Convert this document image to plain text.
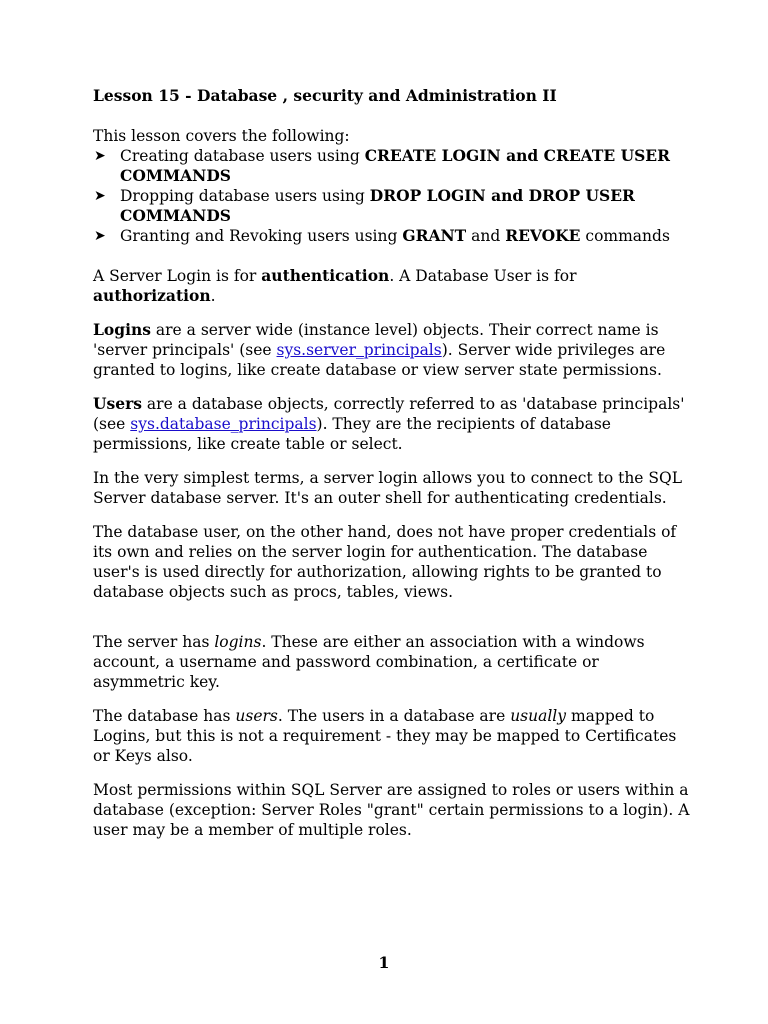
Lesson 15 - Database , security and Administration II

This lesson covers the following:

➤ Creating database users using CREATE LOGIN and CREATE USER COMMANDS
➤ Dropping database users using DROP LOGIN and DROP USER COMMANDS
➤ Granting and Revoking users using GRANT and REVOKE commands

A Server Login is for authentication. A Database User is for authorization.

Logins are a server wide (instance level) objects. Their correct name is 'server principals' (see sys.server_principals). Server wide privileges are granted to logins, like create database or view server state permissions.

Users are a database objects, correctly referred to as 'database principals' (see sys.database_principals). They are the recipients of database permissions, like create table or select.

In the very simplest terms, a server login allows you to connect to the SQL Server database server. It's an outer shell for authenticating credentials.

The database user, on the other hand, does not have proper credentials of its own and relies on the server login for authentication. The database user's is used directly for authorization, allowing rights to be granted to database objects such as procs, tables, views.

The server has logins. These are either an association with a windows account, a username and password combination, a certificate or asymmetric key.

The database has users. The users in a database are usually mapped to Logins, but this is not a requirement - they may be mapped to Certificates or Keys also.

Most permissions within SQL Server are assigned to roles or users within a database (exception: Server Roles "grant" certain permissions to a login). A user may be a member of multiple roles.

1
